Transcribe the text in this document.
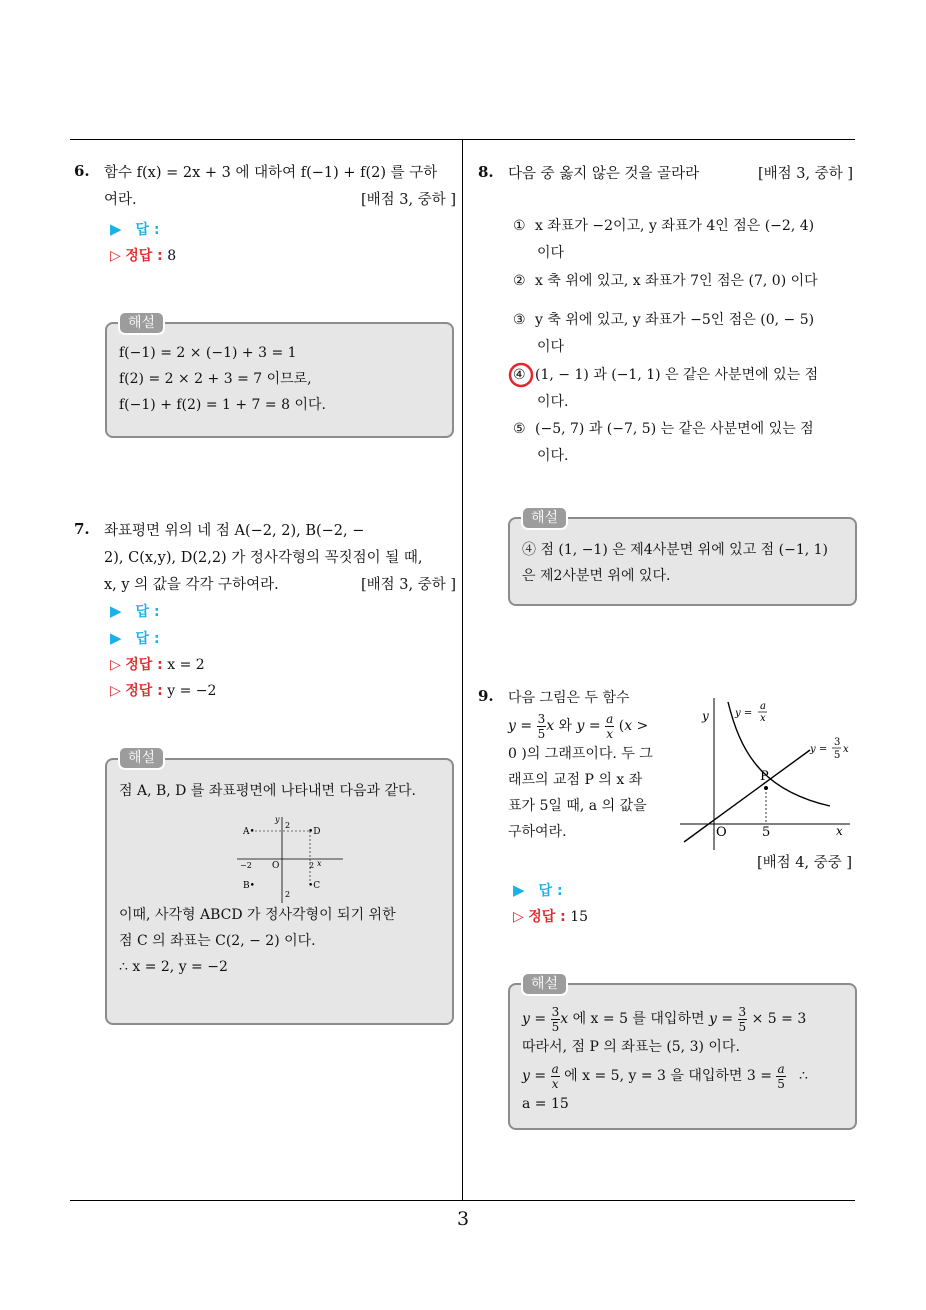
3
6. 함수 f(x) = 2x + 3 에 대하여 f(−1) + f(2) 를 구하
여라.	[배점 3, 중하 ]
▶ 답 :
▷ 정답 : 8
f(−1) = 2 × (−1) + 3 = 1
f(2) = 2 × 2 + 3 = 7 이므로,
f(−1) + f(2) = 1 + 7 = 8 이다.
해설
7. 좌표평면 위의 네 점 A(−2, 2), B(−2, −
2), C(x,y), D(2,2) 가 정사각형의 꼭짓점이 될 때,
x, y 의 값을 각각 구하여라.	[배점 3, 중하 ]
▶ 답 :
▶ 답 :
▷ 정답 : x = 2
▷ 정답 : y = −2
점 A, B, D 를 좌표평면에 나타내면 다음과 같다.
A•	•D
B•	•C
O
−2	2 x
y
2
2
이때, 사각형 ABCD 가 정사각형이 되기 위한
점 C 의 좌표는 C(2, − 2) 이다.
∴ x = 2, y = −2
해설
8. 다음 중 옳지 않은 것을 골라라	[배점 3, 중하 ]
① x 좌표가 −2이고, y 좌표가 4인 점은 (−2, 4)
이다
② x 축 위에 있고, x 좌표가 7인 점은 (7, 0) 이다
③ y 축 위에 있고, y 좌표가 −5인 점은 (0, − 5)
이다
④ (1, − 1) 과 (−1, 1) 은 같은 사분면에 있는 점
이다.
⑤ (−5, 7) 과 (−7, 5) 는 같은 사분면에 있는 점
이다.
④ 점 (1, −1) 은 제4사분면 위에 있고 점 (−1, 1)
은 제2사분면 위에 있다.
해설
9. 다음 그림은 두 함수
$y = \frac{3}{5}$ x 와 $y = \frac{a}{x} (x$ >
0 )의 그래프이다. 두 그
래프의 교점 P 의 x 좌
표가 5일 때, a 의 값을
구하여라.
y
x
O	5
P
y =
a
x
y =
3
5
x
[배점 4, 중중 ]
▶ 답 :
▷ 정답 : 15
$y = \frac{3}{5}$ x 에 x = 5 를 대입하면 $y = \frac{3}{5} \times 5 = 3$
따라서, 점 P 의 좌표는 (5, 3) 이다.
$y = \frac{a}{x}$ 에 x = 5, y = 3 을 대입하면 $3 = \frac{a}{5}$ ∴
a = 15
해설
